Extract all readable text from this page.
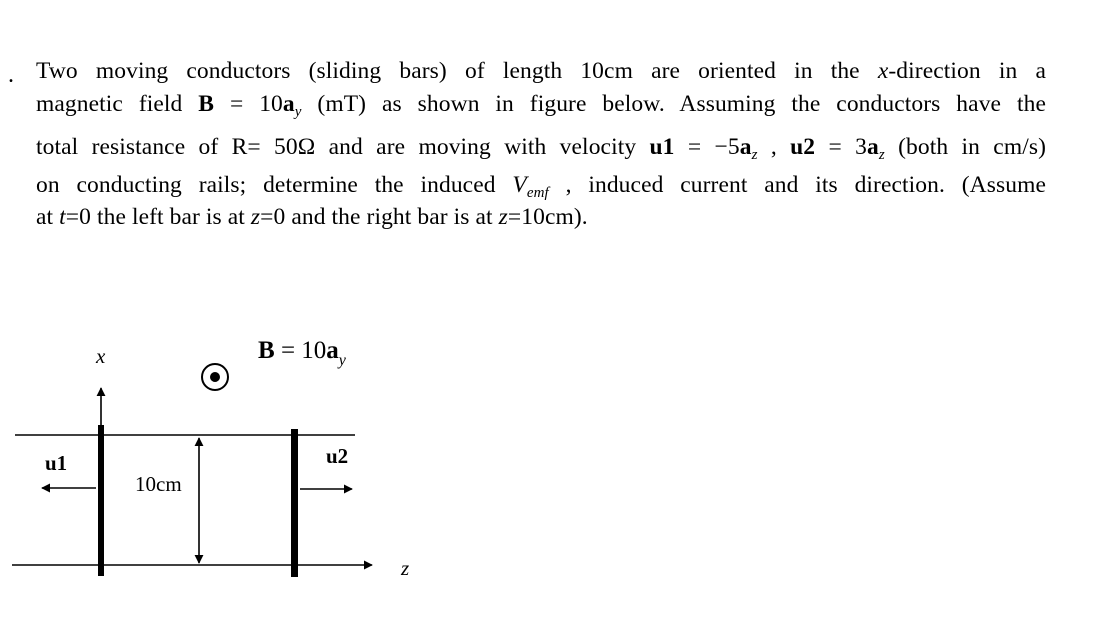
. Two moving conductors (sliding bars) of length 10cm are oriented in the x-direction in a
magnetic field $B = 10a_y$ (mT) as shown in figure below. Assuming the conductors have the
total resistance of R= 50Ω and are moving with velocity $u1 = -5a_z$ , $u2 = 3a_z$ (both in cm/s)
on conducting rails; determine the induced $V_{emf}$ , induced current and its direction. (Assume
at t=0 the left bar is at z=0 and the right bar is at z=10cm).
x	$B = 10a_y$
u1	u2
10cm
z
